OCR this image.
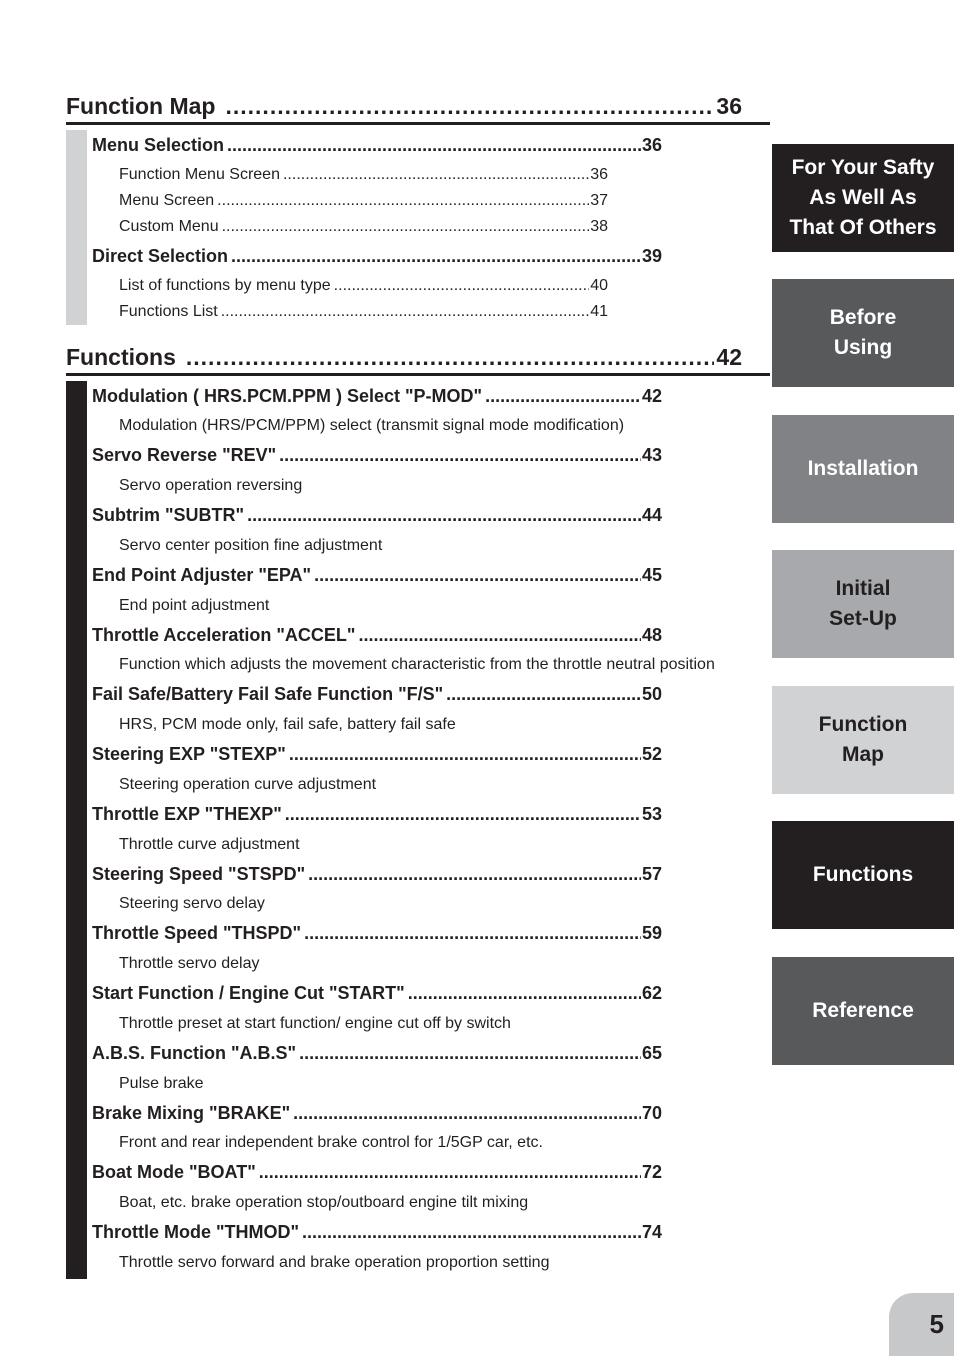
Function Map .....	36
Menu Selection .....	36
Function Menu Screen .....	36
Menu Screen .....	37
Custom Menu .....	38
Direct Selection .....	39
List of functions by menu type .....	40
Functions List .....	41
Functions .....	42
Modulation ( HRS.PCM.PPM ) Select "P-MOD" .....	42
Modulation (HRS/PCM/PPM) select (transmit signal mode modification)
Servo Reverse "REV" .....	43
Servo operation reversing
Subtrim "SUBTR" .....	44
Servo center position fine adjustment
End Point Adjuster "EPA" .....	45
End point adjustment
Throttle Acceleration "ACCEL" .....	48
Function which adjusts the movement characteristic from the throttle neutral position
Fail Safe/Battery Fail Safe Function "F/S" .....	50
HRS, PCM mode only, fail safe, battery fail safe
Steering EXP "STEXP" .....	52
Steering operation curve adjustment
Throttle EXP "THEXP" .....	53
Throttle curve adjustment
Steering Speed "STSPD" .....	57
Steering servo delay
Throttle Speed "THSPD" .....	59
Throttle servo delay
Start Function / Engine Cut "START" .....	62
Throttle preset at start function/ engine cut off by switch
A.B.S. Function "A.B.S" .....	65
Pulse brake
Brake Mixing "BRAKE" .....	70
Front and rear independent brake control for 1/5GP car, etc.
Boat Mode "BOAT" .....	72
Boat, etc. brake operation stop/outboard engine tilt mixing
Throttle Mode "THMOD" .....	74
Throttle servo forward and brake operation proportion setting
For Your Safty
As Well As
That Of Others
Before
Using
Installation
Initial
Set-Up
Function
Map
Functions
Reference
5
